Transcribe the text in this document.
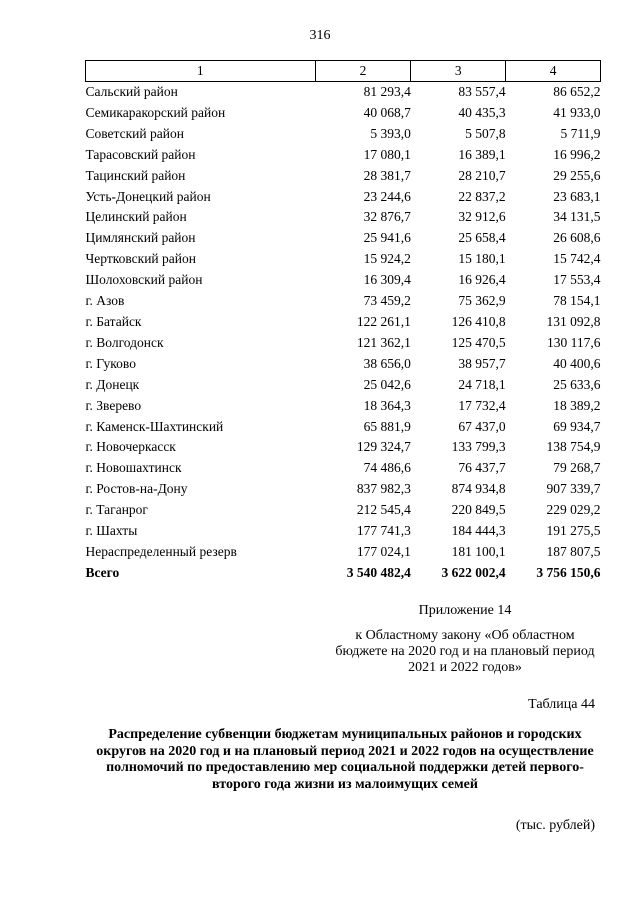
316
1	2	3	4
Сальский район	81 293,4	83 557,4	86 652,2
Семикаракорский район	40 068,7	40 435,3	41 933,0
Советский район	5 393,0	5 507,8	5 711,9
Тарасовский район	17 080,1	16 389,1	16 996,2
Тацинский район	28 381,7	28 210,7	29 255,6
Усть-Донецкий район	23 244,6	22 837,2	23 683,1
Целинский район	32 876,7	32 912,6	34 131,5
Цимлянский район	25 941,6	25 658,4	26 608,6
Чертковский район	15 924,2	15 180,1	15 742,4
Шолоховский район	16 309,4	16 926,4	17 553,4
г. Азов	73 459,2	75 362,9	78 154,1
г. Батайск	122 261,1	126 410,8	131 092,8
г. Волгодонск	121 362,1	125 470,5	130 117,6
г. Гуково	38 656,0	38 957,7	40 400,6
г. Донецк	25 042,6	24 718,1	25 633,6
г. Зверево	18 364,3	17 732,4	18 389,2
г. Каменск-Шахтинский	65 881,9	67 437,0	69 934,7
г. Новочеркасск	129 324,7	133 799,3	138 754,9
г. Новошахтинск	74 486,6	76 437,7	79 268,7
г. Ростов-на-Дону	837 982,3	874 934,8	907 339,7
г. Таганрог	212 545,4	220 849,5	229 029,2
г. Шахты	177 741,3	184 444,3	191 275,5
Нераспределенный резерв	177 024,1	181 100,1	187 807,5
Всего	3 540 482,4	3 622 002,4	3 756 150,6
Приложение 14
к Областному закону «Об областном бюджете на 2020 год и на плановый период 2021 и 2022 годов»
Таблица 44
Распределение субвенции бюджетам муниципальных районов и городских округов на 2020 год и на плановый период 2021 и 2022 годов на осуществление полномочий по предоставлению мер социальной поддержки детей первого-второго года жизни из малоимущих семей
(тыс. рублей)
